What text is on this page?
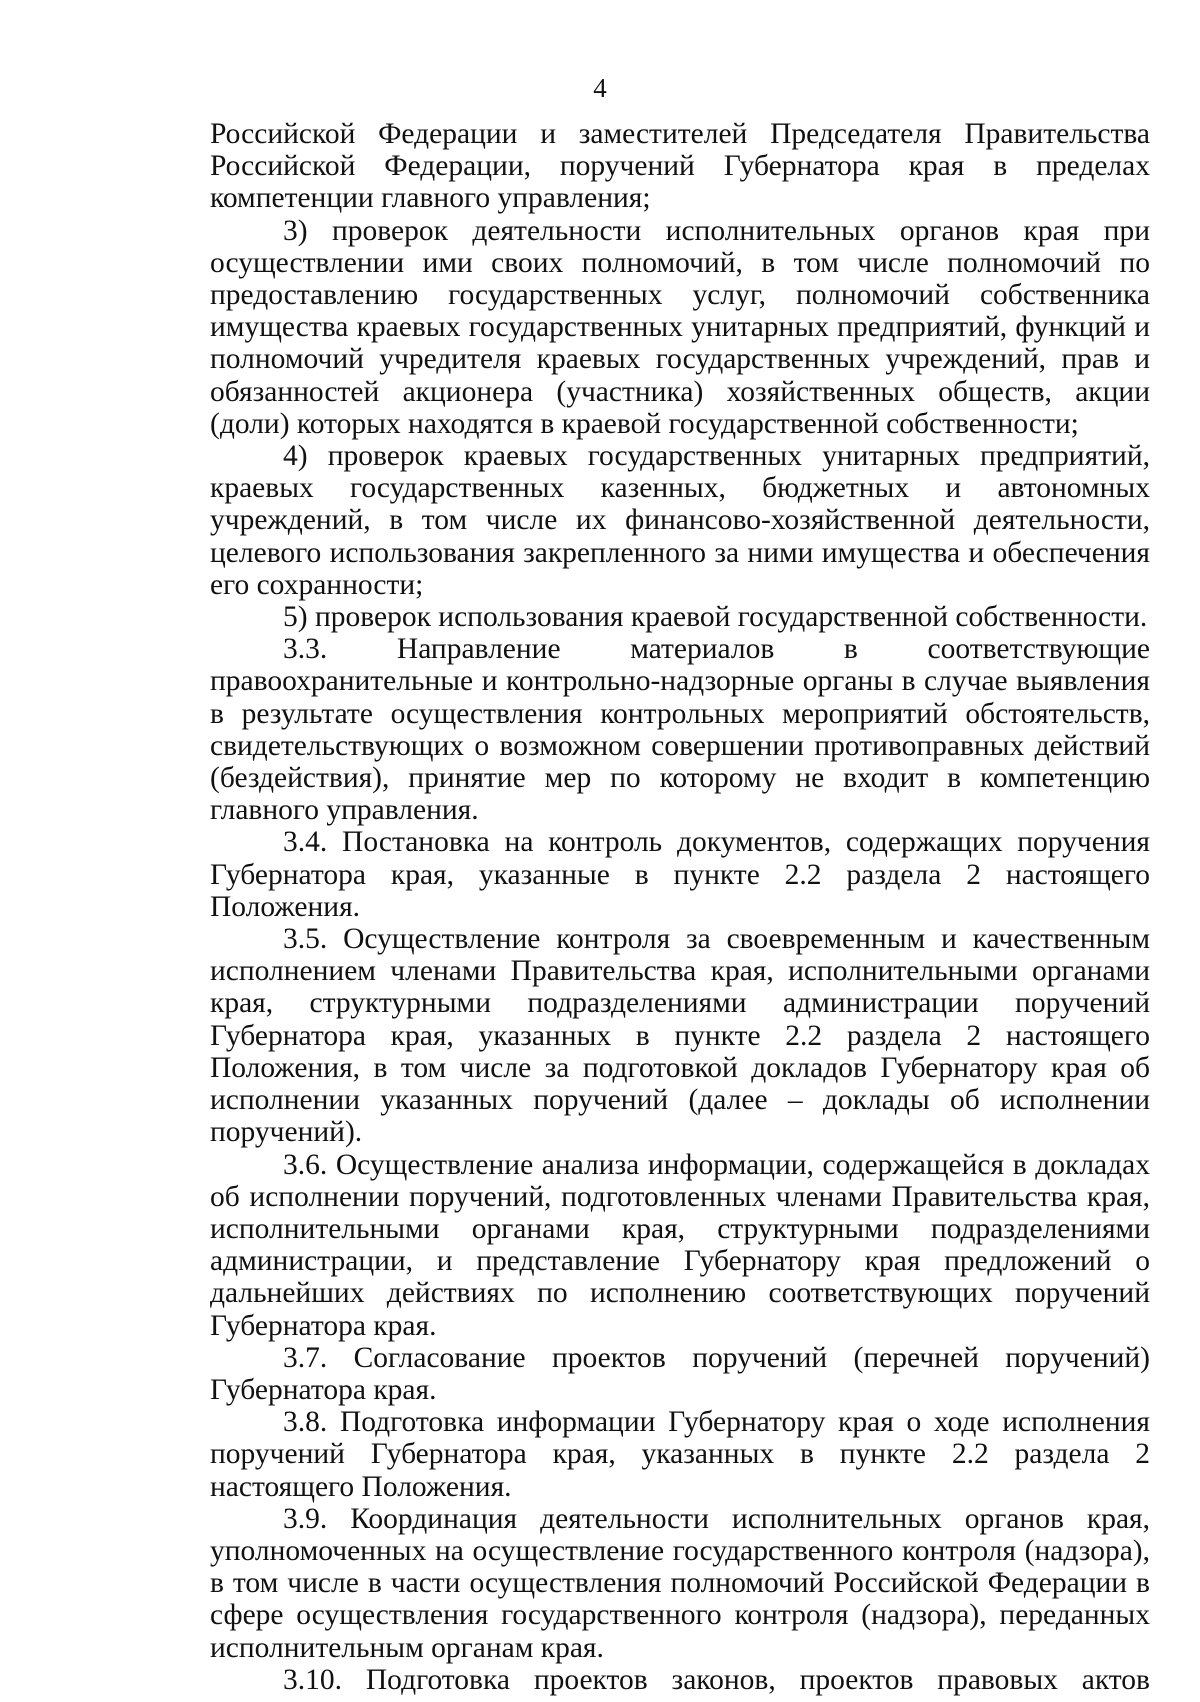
4

Российской Федерации и заместителей Председателя Правительства Российской Федерации, поручений Губернатора края в пределах компетенции главного управления;

3) проверок деятельности исполнительных органов края при осуществлении ими своих полномочий, в том числе полномочий по предоставлению государственных услуг, полномочий собственника имущества краевых государственных унитарных предприятий, функций и полномочий учредителя краевых государственных учреждений, прав и обязанностей акционера (участника) хозяйственных обществ, акции (доли) которых находятся в краевой государственной собственности;

4) проверок краевых государственных унитарных предприятий, краевых государственных казенных, бюджетных и автономных учреждений, в том числе их финансово-хозяйственной деятельности, целевого использования закрепленного за ними имущества и обеспечения его сохранности;

5) проверок использования краевой государственной собственности.

3.3. Направление материалов в соответствующие правоохранительные и контрольно-надзорные органы в случае выявления в результате осуществления контрольных мероприятий обстоятельств, свидетельствующих о возможном совершении противоправных действий (бездействия), принятие мер по которому не входит в компетенцию главного управления.

3.4. Постановка на контроль документов, содержащих поручения Губернатора края, указанные в пункте 2.2 раздела 2 настоящего Положения.

3.5. Осуществление контроля за своевременным и качественным исполнением членами Правительства края, исполнительными органами края, структурными подразделениями администрации поручений Губернатора края, указанных в пункте 2.2 раздела 2 настоящего Положения, в том числе за подготовкой докладов Губернатору края об исполнении указанных поручений (далее – доклады об исполнении поручений).

3.6. Осуществление анализа информации, содержащейся в докладах об исполнении поручений, подготовленных членами Правительства края, исполнительными органами края, структурными подразделениями администрации, и представление Губернатору края предложений о дальнейших действиях по исполнению соответствующих поручений Губернатора края.

3.7. Согласование проектов поручений (перечней поручений) Губернатора края.

3.8. Подготовка информации Губернатору края о ходе исполнения поручений Губернатора края, указанных в пункте 2.2 раздела 2 настоящего Положения.

3.9. Координация деятельности исполнительных органов края, уполномоченных на осуществление государственного контроля (надзора), в том числе в части осуществления полномочий Российской Федерации в сфере осуществления государственного контроля (надзора), переданных исполнительным органам края.

3.10. Подготовка проектов законов, проектов правовых актов
